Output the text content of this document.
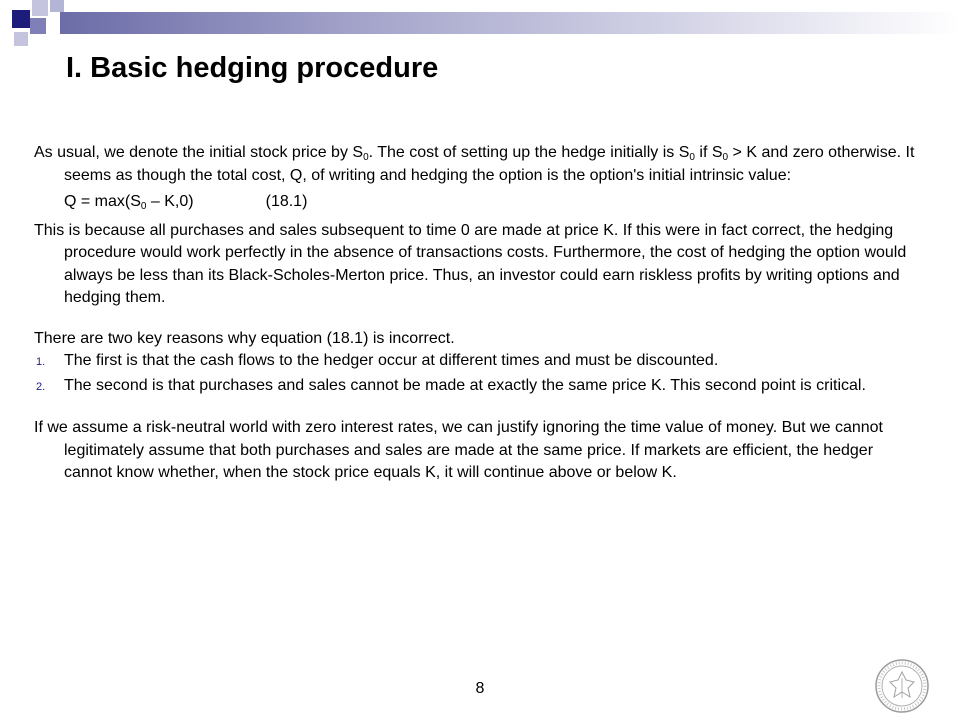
I. Basic hedging procedure

As usual, we denote the initial stock price by $S_0$. The cost of setting up the hedge initially is $S_0$ if $S_0 > K$ and zero otherwise. It seems as though the total cost, Q, of writing and hedging the option is the option's initial intrinsic value:

$Q = \max(S_0 - K,0)$	(18.1)

This is because all purchases and sales subsequent to time 0 are made at price K. If this were in fact correct, the hedging procedure would work perfectly in the absence of transactions costs. Furthermore, the cost of hedging the option would always be less than its Black-Scholes-Merton price. Thus, an investor could earn riskless profits by writing options and hedging them.

There are two key reasons why equation (18.1) is incorrect.

1. The first is that the cash flows to the hedger occur at different times and must be discounted.
2. The second is that purchases and sales cannot be made at exactly the same price K. This second point is critical.

If we assume a risk-neutral world with zero interest rates, we can justify ignoring the time value of money. But we cannot legitimately assume that both purchases and sales are made at the same price. If markets are efficient, the hedger cannot know whether, when the stock price equals K, it will continue above or below K.

8
